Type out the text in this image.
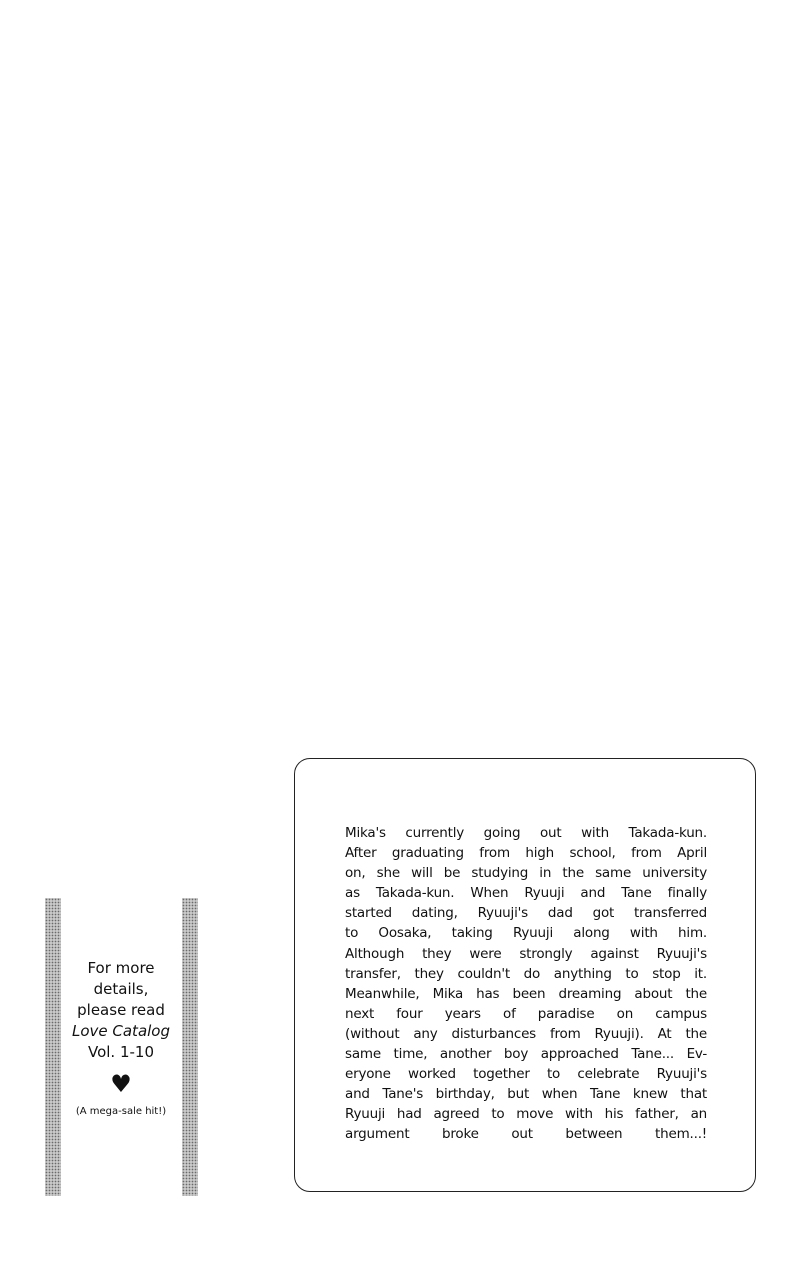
For more
details,
please read
Love Catalog
Vol. 1-10
♥
(A mega-sale hit!)
Mika's currently going out with Takada-kun.
After graduating from high school, from April
on, she will be studying in the same university
as Takada-kun. When Ryuuji and Tane finally
started dating, Ryuuji's dad got transferred
to Oosaka, taking Ryuuji along with him.
Although they were strongly against Ryuuji's
transfer, they couldn't do anything to stop it.
Meanwhile, Mika has been dreaming about the
next four years of paradise on campus
(without any disturbances from Ryuuji). At the
same time, another boy approached Tane... Ev-
eryone worked together to celebrate Ryuuji's
and Tane's birthday, but when Tane knew that
Ryuuji had agreed to move with his father, an
argument broke out between them...!
